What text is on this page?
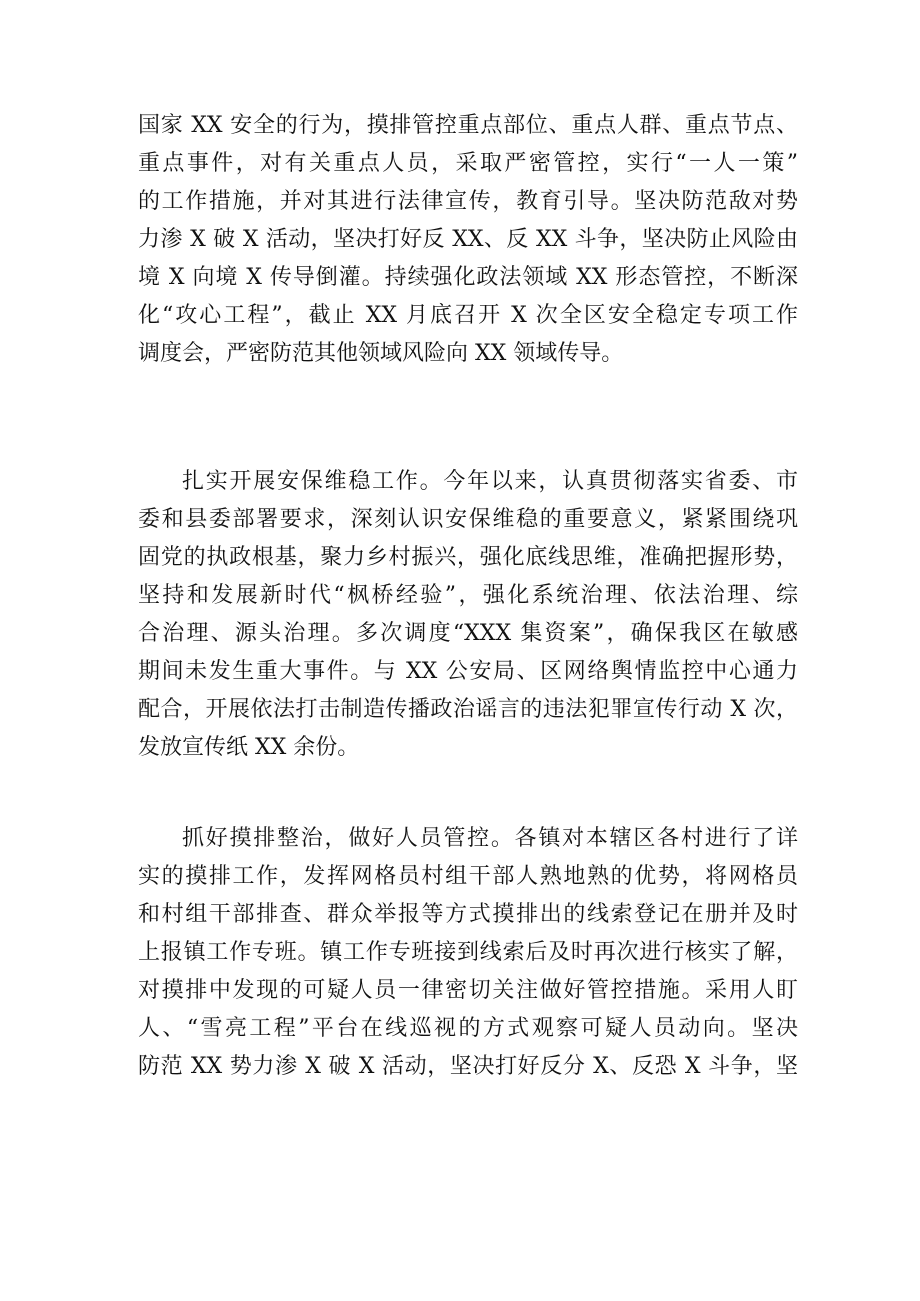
国家 XX 安全的行为，摸排管控重点部位、重点人群、重点节点、
重点事件，对有关重点人员，采取严密管控，实行“一人一策”
的工作措施，并对其进行法律宣传，教育引导。坚决防范敌对势
力渗 X 破 X 活动，坚决打好反 XX、反 XX 斗争，坚决防止风险由
境 X 向境 X 传导倒灌。持续强化政法领域 XX 形态管控，不断深
化“攻心工程”，截止 XX 月底召开 X 次全区安全稳定专项工作
调度会，严密防范其他领域风险向 XX 领域传导。
扎实开展安保维稳工作。今年以来，认真贯彻落实省委、市
委和县委部署要求，深刻认识安保维稳的重要意义，紧紧围绕巩
固党的执政根基，聚力乡村振兴，强化底线思维，准确把握形势，
坚持和发展新时代“枫桥经验”，强化系统治理、依法治理、综
合治理、源头治理。多次调度“XXX 集资案”，确保我区在敏感
期间未发生重大事件。与 XX 公安局、区网络舆情监控中心通力
配合，开展依法打击制造传播政治谣言的违法犯罪宣传行动 X 次，
发放宣传纸 XX 余份。
抓好摸排整治，做好人员管控。各镇对本辖区各村进行了详
实的摸排工作，发挥网格员村组干部人熟地熟的优势，将网格员
和村组干部排查、群众举报等方式摸排出的线索登记在册并及时
上报镇工作专班。镇工作专班接到线索后及时再次进行核实了解，
对摸排中发现的可疑人员一律密切关注做好管控措施。采用人盯
人、“雪亮工程”平台在线巡视的方式观察可疑人员动向。坚决
防范 XX 势力渗 X 破 X 活动，坚决打好反分 X、反恐 X 斗争，坚
